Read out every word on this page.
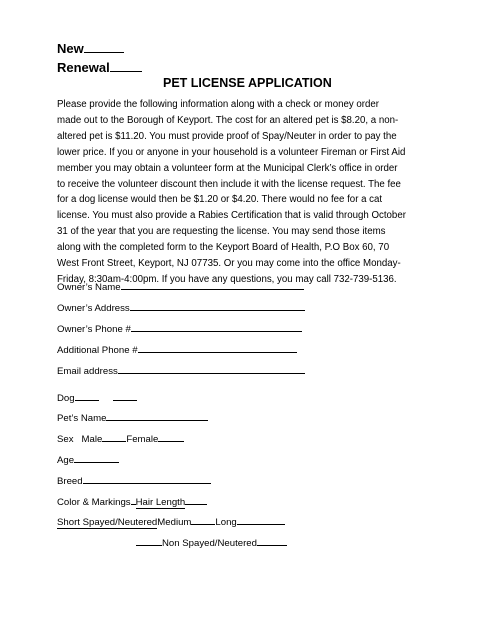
New
Renewal
PET LICENSE APPLICATION
Please provide the following information along with a check or money order
made out to the Borough of Keyport. The cost for an altered pet is $8.20, a non-
altered pet is $11.20. You must provide proof of Spay/Neuter in order to pay the
lower price. If you or anyone in your household is a volunteer Fireman or First Aid
member you may obtain a volunteer form at the Municipal Clerk’s office in order
to receive the volunteer discount then include it with the license request. The fee
for a dog license would then be $1.20 or $4.20. There would no fee for a cat
license. You must also provide a Rabies Certification that is valid through October
31 of the year that you are requesting the license. You may send those items
along with the completed form to the Keyport Board of Health, P.O Box 60, 70
West Front Street, Keyport, NJ 07735. Or you may come into the office Monday-
Friday, 8:30am-4:00pm. If you have any questions, you may call 732-739-5136.
Owner’s Name
Owner’s Address
Owner’s Phone #
Additional Phone #
Email address
Dog
Pet’s Name
Sex Male	Female
Age
Breed
Color & Markings Hair Length
Short Spayed/NeuteredMedium	Long
Non Spayed/Neutered
